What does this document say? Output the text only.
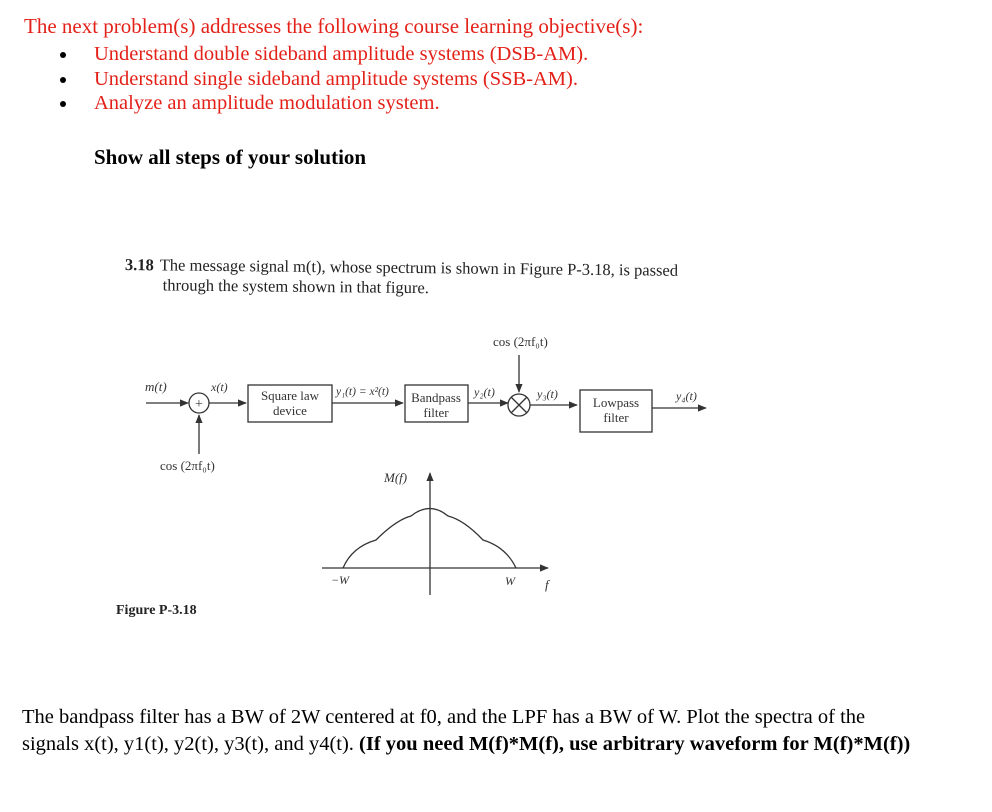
The next problem(s) addresses the following course learning objective(s):
Understand double sideband amplitude systems (DSB-AM).
Understand single sideband amplitude systems (SSB-AM).
Analyze an amplitude modulation system.
Show all steps of your solution
3.18 The message signal m(t), whose spectrum is shown in Figure P-3.18, is passed
through the system shown in that figure.
+
cos (2πf₀t)
m(t)	x(t)
Square law
device
y₁(t) = x²(t) Bandpass
filter
y₂(t)	y₃(t)
Lowpass
filter
y₄(t)
cos (2πf₀t)
M(f)
−W	W f
Figure P-3.18
The bandpass filter has a BW of 2W centered at f0, and the LPF has a BW of W. Plot the spectra of the signals x(t), y1(t), y2(t), y3(t), and y4(t). (If you need M(f)*M(f), use arbitrary waveform for M(f)*M(f))
